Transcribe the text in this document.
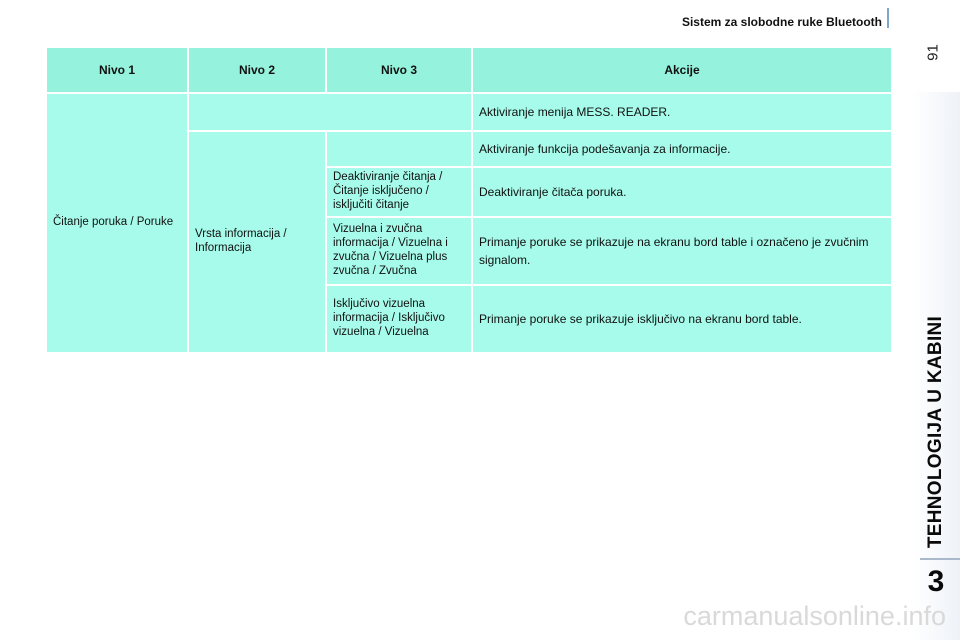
Sistem za slobodne ruke Bluetooth
91
TEHNOLOGIJA U KABINI
3
Nivo 1	Nivo 2	Nivo 3	Akcije
Čitanje poruka / Poruke			Aktiviranje menija MESS. READER.
	Vrsta informacija / Informacija		Aktiviranje funkcija podešavanja za informacije.
		Deaktiviranje čitanja / Čitanje isključeno / isključiti čitanje	Deaktiviranje čitača poruka.
		Vizuelna i zvučna informacija / Vizuelna i zvučna / Vizuelna plus zvučna / Zvučna	Primanje poruke se prikazuje na ekranu bord table i označeno je zvučnim signalom.
		Isključivo vizuelna informacija / Isključivo vizuelna / Vizuelna	Primanje poruke se prikazuje isključivo na ekranu bord table.
carmanualsonline.info
